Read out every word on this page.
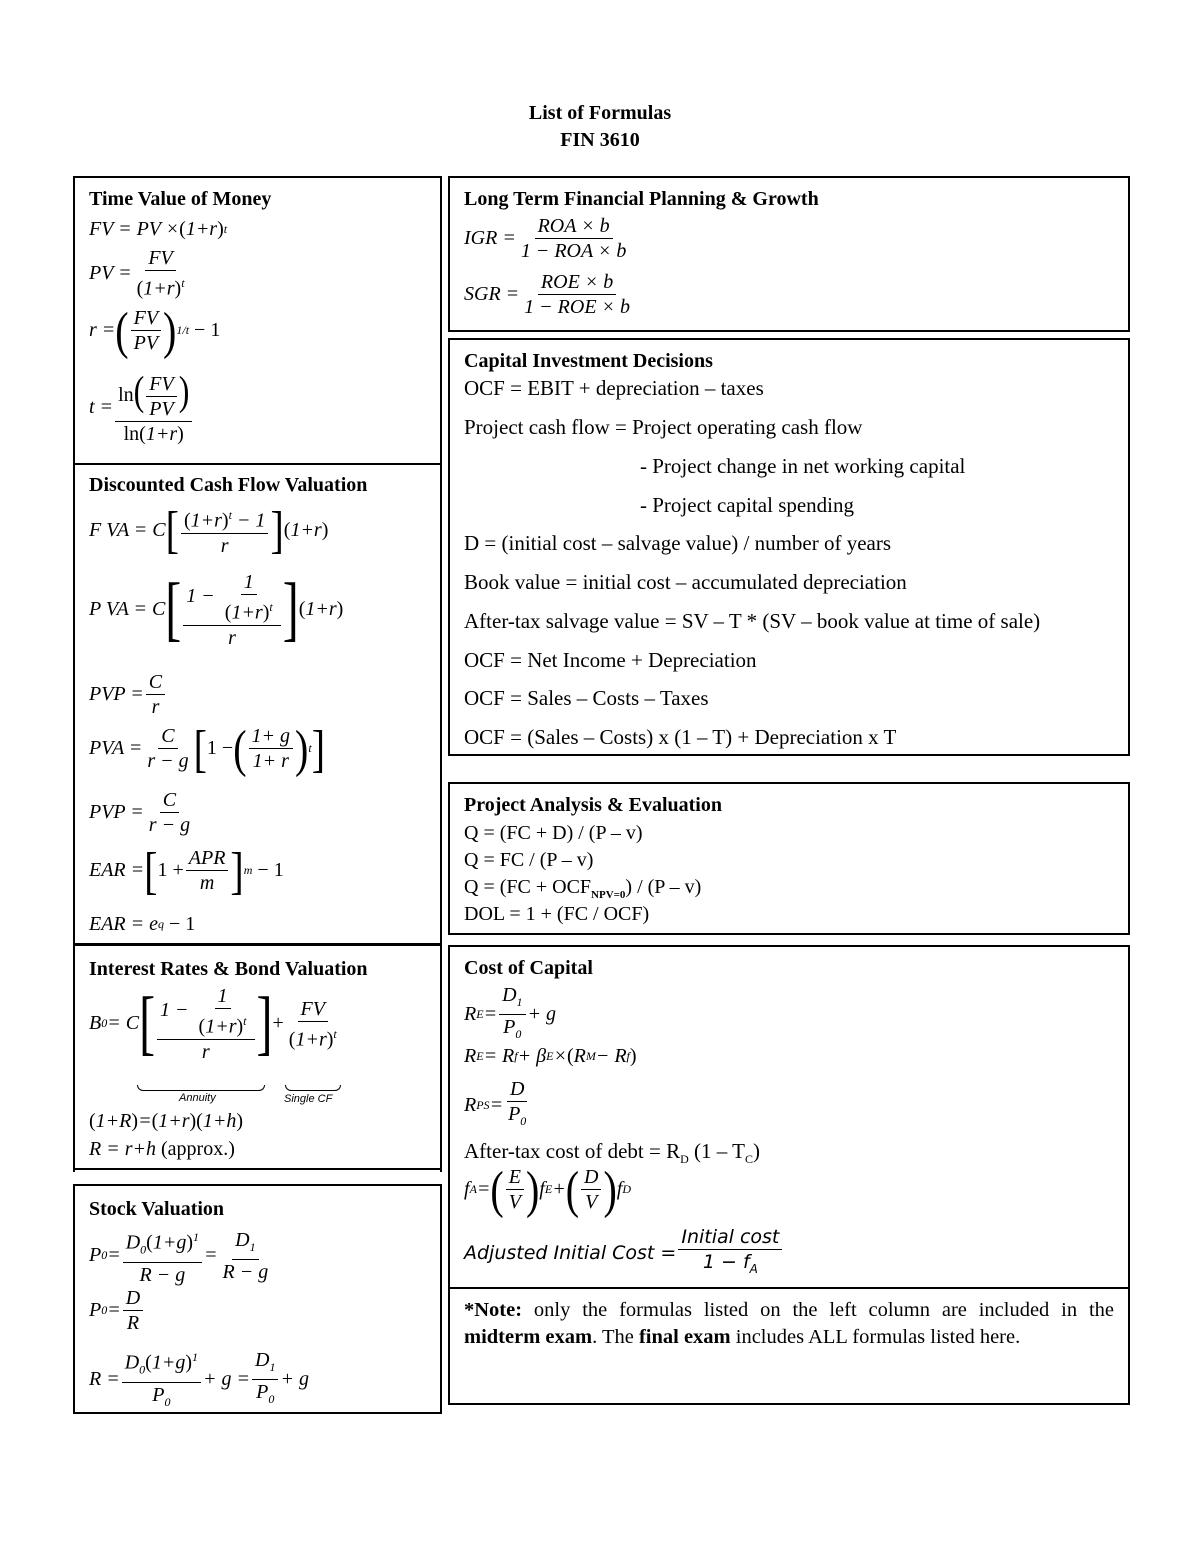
List of Formulas
FIN 3610

Time Value of Money

FV = PV × ( 1+r ) t
PV =
FV
$(1+r)^t$
r = ( FV
PV ) 1/t − 1
t =
$\ln( \frac{FV}{PV}$ )
ln(1+r)

Discounted Cash Flow Valuation

F VA = C [ $(1+r)^t - 1$
r ] ( 1+r )
P VA = C [ $1 - \frac{1}{(1+r)^t}$
r ] ( 1+r )
PVP =
C
r
PVA =
C
r − g [ 1 − ( 1+ g
1+ r ) t ]
PVP =
C
r − g
EAR = [ 1 +
APR
m ] m − 1
EAR = e q − 1

Interest Rates & Bond Valuation

B 0 = C [ $1 - \frac{1}{(1+r)^t}$
r ] + $\frac{FV}{(1+r)^t}$
Annuity	Single CF
( 1+R ) = ( 1+r )( 1+h )
R = r+h (approx.)

Stock Valuation

P 0 =
$D_0(1+g)^1$
R − g
=
$D_1$
R − g
P 0 =
D
R
R =
$D_0(1+g)^1$
$P_0$
+ g =
$D_1$
$P_0$
+ g

Long Term Financial Planning & Growth

IGR =
ROA × b
1 − ROA × b
SGR =
ROE × b
1 − ROE × b

Capital Investment Decisions

OCF = EBIT + depreciation – taxes
Project cash flow = Project operating cash flow
- Project change in net working capital
- Project capital spending
D = (initial cost – salvage value) / number of years
Book value = initial cost – accumulated depreciation
After-tax salvage value = SV – T * (SV – book value at time of sale)
OCF = Net Income + Depreciation
OCF = Sales – Costs – Taxes
OCF = (Sales – Costs) x (1 – T) + Depreciation x T

Project Analysis & Evaluation

Q = (FC + D) / (P – v)
Q = FC / (P – v)
$Q = (FC + OCF_{NPV=0}) / (P - v)$
DOL = 1 + (FC / OCF)

Cost of Capital

R E =
$D_1$
$P_0$
+ g
R E = R f + β E × ( R M − R f )
R PS =
D
$P_0$
After-tax cost of debt = $R_D$ $(1 - T_C)$
f A = ( E
V ) f E + ( D
V ) f D
Adjusted Initial Cost =
Initial cost
$1 - f_A$
*Note: only the formulas listed on the left column are included in the midterm exam. The final exam includes ALL formulas listed here.
